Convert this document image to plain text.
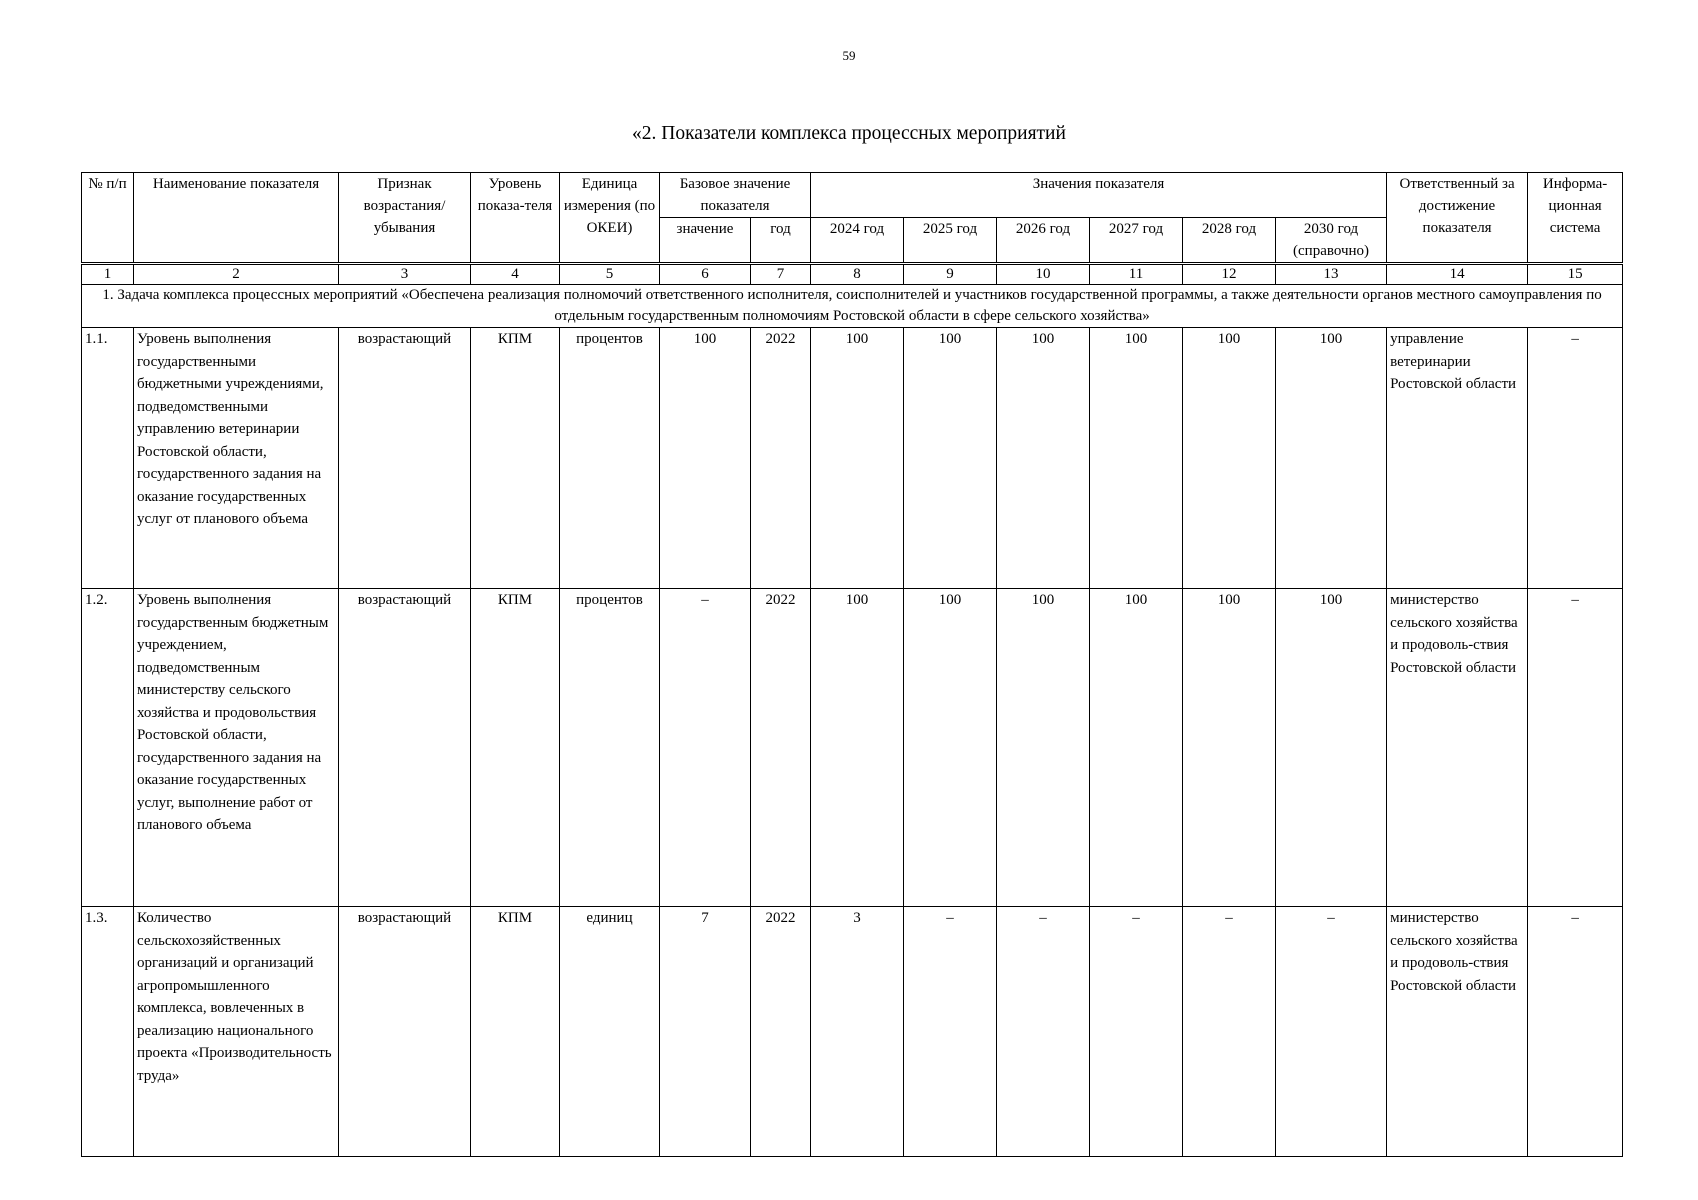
59
«2. Показатели комплекса процессных мероприятий
№ п/п	Наименование показателя	Признак возрастания/ убывания	Уровень показа-теля	Единица измерения (по ОКЕИ)	Базовое значение показателя		Значения показателя						Ответственный за достижение показателя	Информа-ционная система
					значение	год	2024 год	2025 год	2026 год	2027 год	2028 год	2030 год (справочно)		
1	2	3	4	5	6	7	8	9	10	11	12	13	14	15
1. Задача комплекса процессных мероприятий «Обеспечена реализация полномочий ответственного исполнителя, соисполнителей и участников государственной программы, а также деятельности органов местного самоуправления по отдельным государственным полномочиям Ростовской области в сфере сельского хозяйства»														
1.1.	Уровень выполнения государственными бюджетными учреждениями, подведомственными управлению ветеринарии Ростовской области, государственного задания на оказание государственных услуг от планового объема	возрастающий	КПМ	процентов	100	2022	100	100	100	100	100	100	управление ветеринарии Ростовской области	–
1.2.	Уровень выполнения государственным бюджетным учреждением, подведомственным министерству сельского хозяйства и продовольствия Ростовской области, государственного задания на оказание государственных услуг, выполнение работ от планового объема	возрастающий	КПМ	процентов	–	2022	100	100	100	100	100	100	министерство сельского хозяйства и продоволь-ствия Ростовской области	–
1.3.	Количество сельскохозяйственных организаций и организаций агропромышленного комплекса, вовлеченных в реализацию национального проекта «Производительность труда»	возрастающий	КПМ	единиц	7	2022	3	–	–	–	–	–	министерство сельского хозяйства и продоволь-ствия Ростовской области	–
